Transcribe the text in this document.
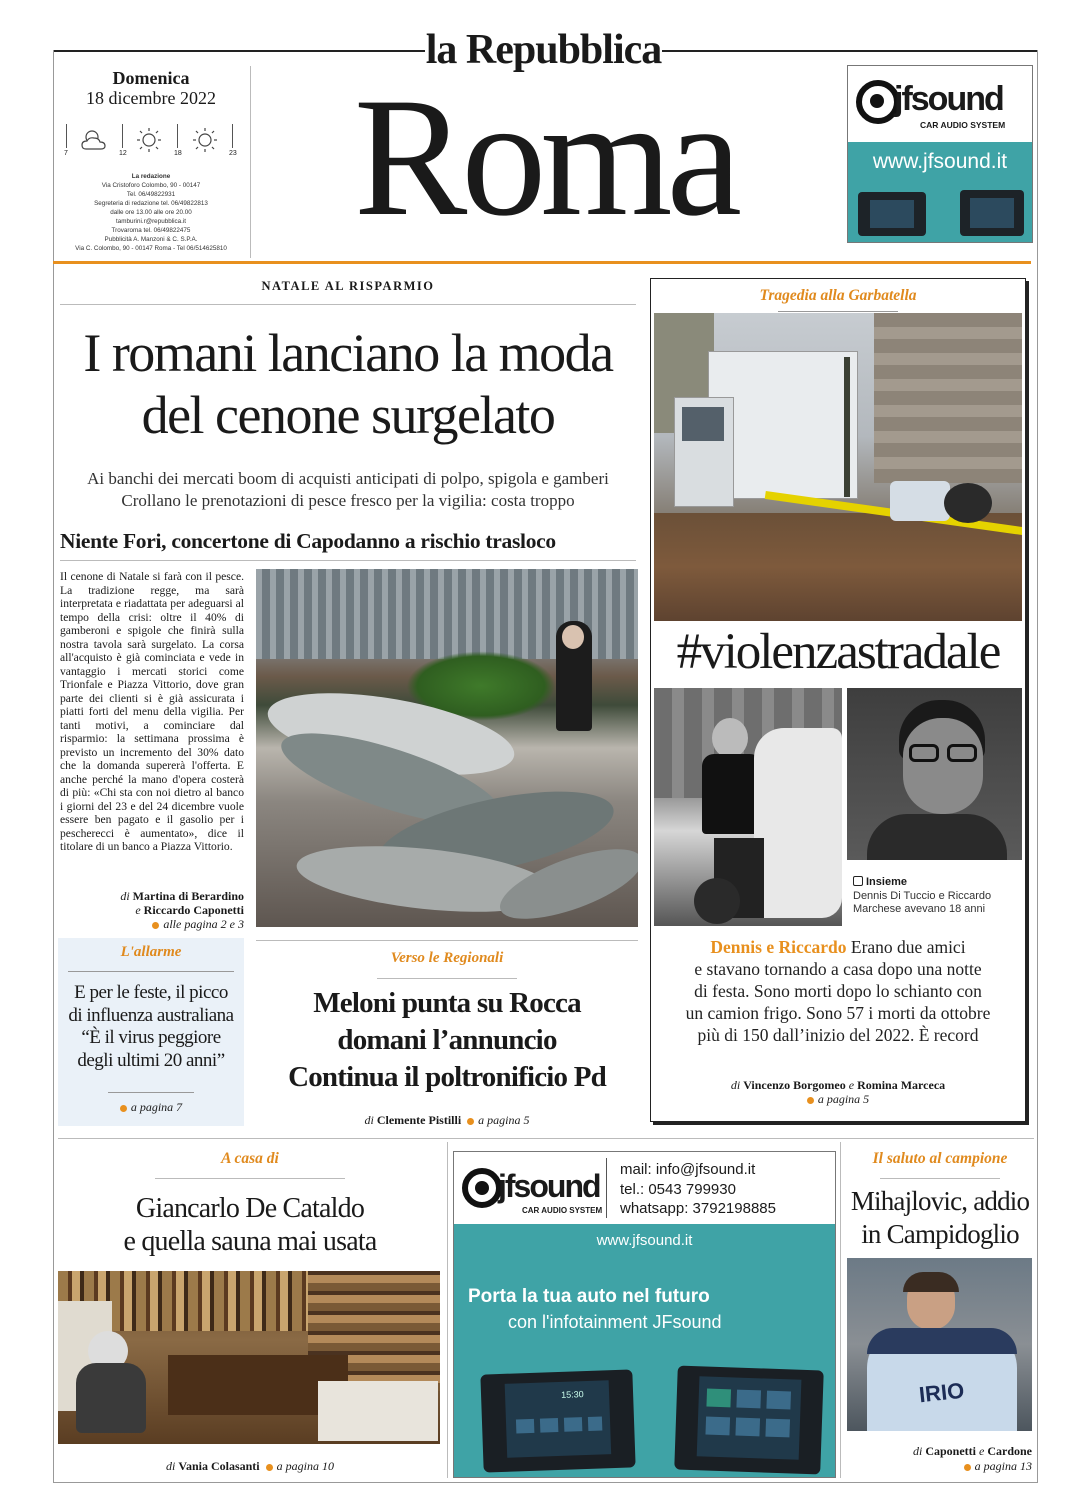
la Repubblica
Domenica
18 dicembre 2022
7	12	18	23
La redazione
Via Cristoforo Colombo, 90 - 00147
Tel. 06/49822931
Segreteria di redazione tel. 06/49822813
dalle ore 13.00 alle ore 20.00
tamburini.r@repubblica.it
Trovaroma tel. 06/49822475
Pubblicità A. Manzoni & C. S.P.A.
Via C. Colombo, 90 - 00147 Roma - Tel 06/514625810 Roma	jfsound
CAR AUDIO SYSTEM
www.jfsound.it
NATALE AL RISPARMIO
I romani lanciano la moda
del cenone surgelato
Ai banchi dei mercati boom di acquisti anticipati di polpo, spigola e gamberi
Crollano le prenotazioni di pesce fresco per la vigilia: costa troppo
Niente Fori, concertone di Capodanno a rischio trasloco
Il cenone di Natale si farà con il pesce. La tradizione regge, ma sarà interpretata e riadattata per adeguarsi al tempo della crisi: oltre il 40% di gamberoni e spigole che finirà sulla nostra tavola sarà surgelato. La corsa all'acquisto è già cominciata e vede in vantaggio i mercati storici come Trionfale e Piazza Vittorio, dove gran parte dei clienti si è già assicurata i piatti forti del menu della vigilia. Per tanti motivi, a cominciare dal risparmio: la settimana prossima è previsto un incremento del 30% dato che la domanda supererà l'offerta. E anche perché la mano d'opera costerà di più: «Chi sta con noi dietro al banco i giorni del 23 e del 24 dicembre vuole essere ben pagato e il gasolio per i pescherecci è aumentato», dice il titolare di un banco a Piazza Vittorio.
di Martina di Berardino
e Riccardo Caponetti
alle pagina 2 e 3
L'allarme
E per le feste, il picco
di influenza australiana
“È il virus peggiore
degli ultimi 20 anni”
a pagina 7
Verso le Regionali
Meloni punta su Rocca
domani l’annuncio
Continua il poltronificio Pd
di Clemente Pistilli a pagina 5
Tragedia alla Garbatella
#violenzastradale
Insieme
Dennis Di Tuccio e Riccardo
Marchese avevano 18 anni
Dennis e Riccardo Erano due amici
e stavano tornando a casa dopo una notte
di festa. Sono morti dopo lo schianto con
un camion frigo. Sono 57 i morti da ottobre
più di 150 dall’inizio del 2022. È record
di Vincenzo Borgomeo e Romina Marceca
a pagina 5
A casa di
Giancarlo De Cataldo
e quella sauna mai usata
di Vania Colasanti a pagina 10
jfsound
CAR AUDIO SYSTEM
mail: info@jfsound.it
tel.: 0543 799930
whatsapp: 3792198885
www.jfsound.it
Porta la tua auto nel futuro
con l'infotainment JFsound
15:30
Il saluto al campione
Mihajlovic, addio
in Campidoglio
IRIO
di Caponetti e Cardone
a pagina 13
